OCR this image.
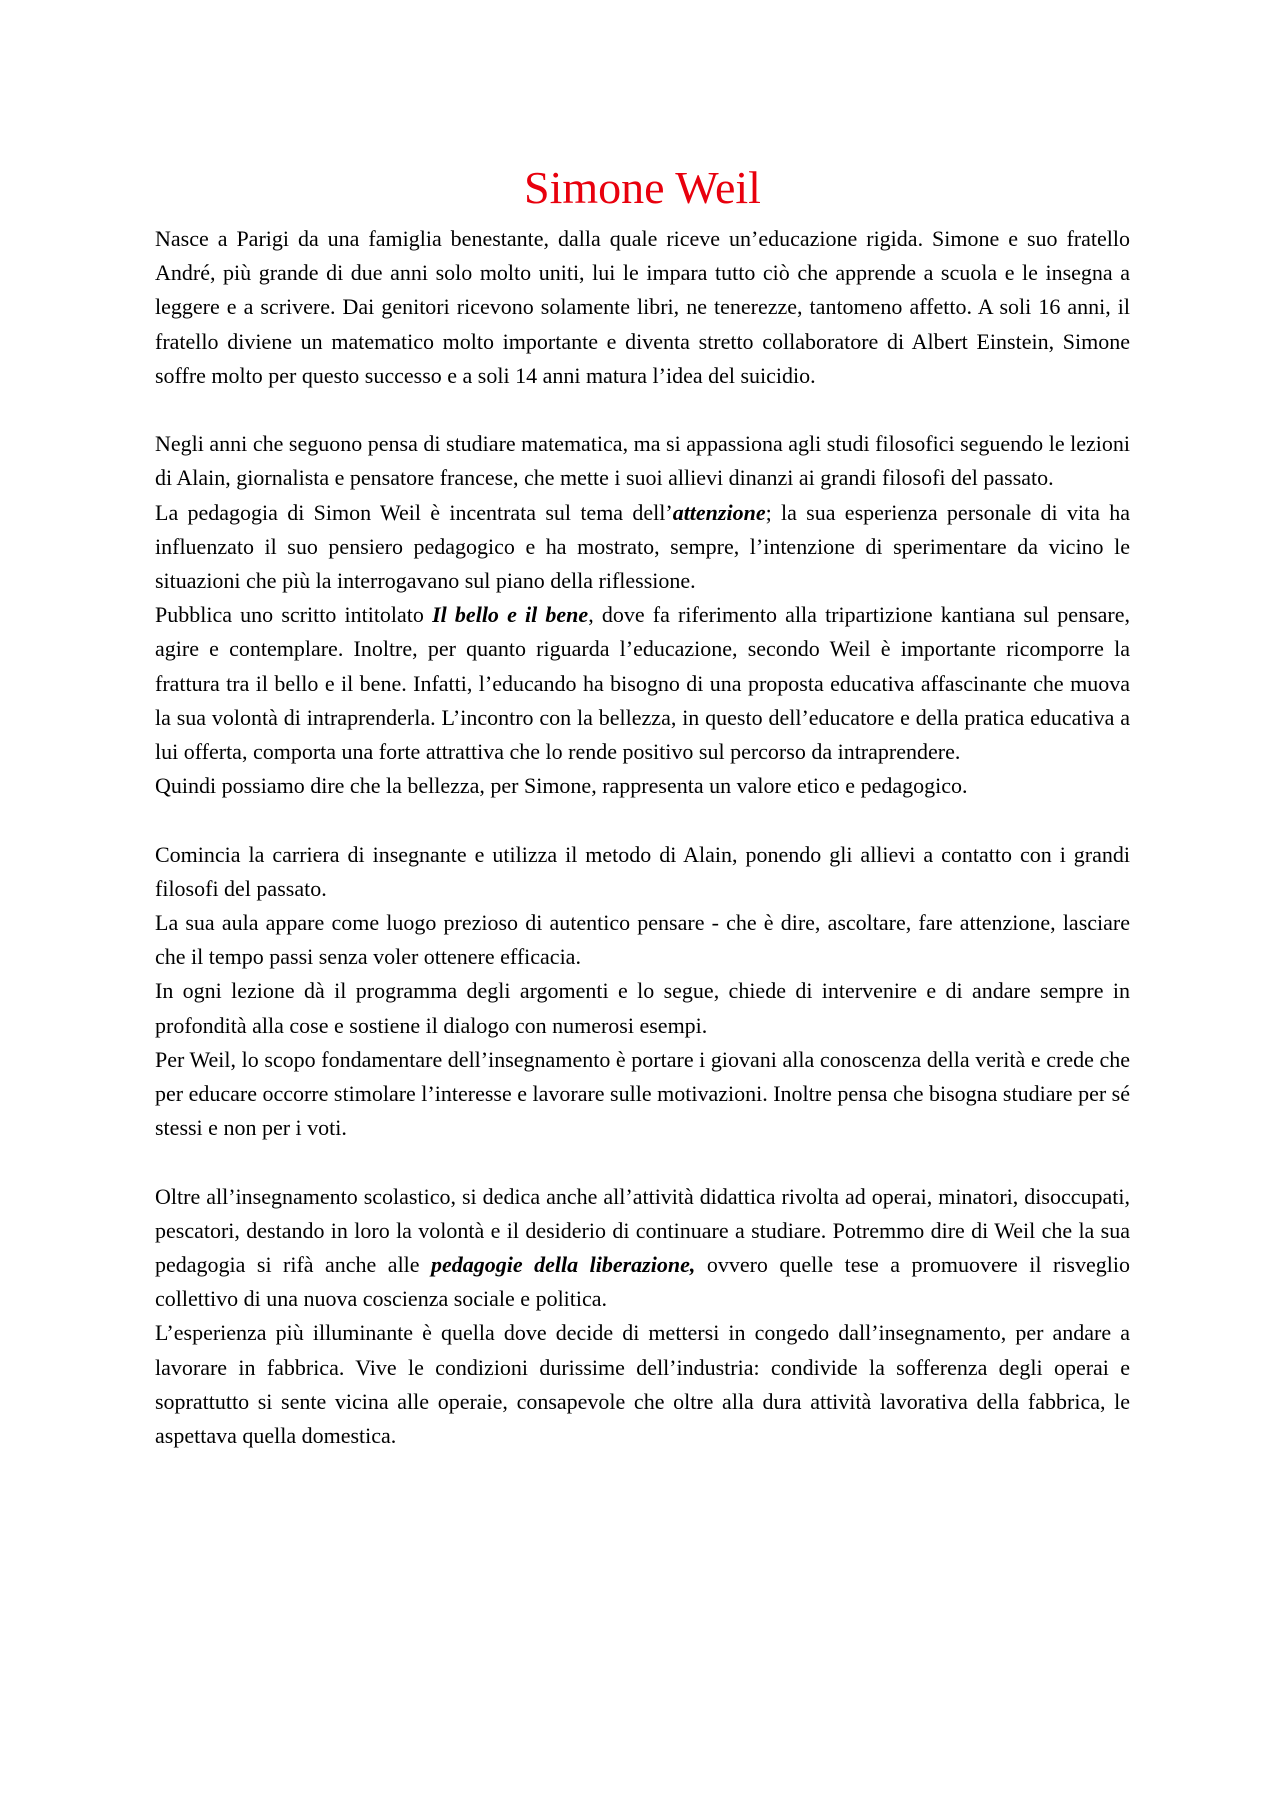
Simone Weil

Nasce a Parigi da una famiglia benestante, dalla quale riceve un’educazione rigida. Simone e suo fratello André, più grande di due anni solo molto uniti, lui le impara tutto ciò che apprende a scuola e le insegna a leggere e a scrivere. Dai genitori ricevono solamente libri, ne tenerezze, tantomeno affetto. A soli 16 anni, il fratello diviene un matematico molto importante e diventa stretto collaboratore di Albert Einstein, Simone soffre molto per questo successo e a soli 14 anni matura l’idea del suicidio.

Negli anni che seguono pensa di studiare matematica, ma si appassiona agli studi filosofici seguendo le lezioni di Alain, giornalista e pensatore francese, che mette i suoi allievi dinanzi ai grandi filosofi del passato.

La pedagogia di Simon Weil è incentrata sul tema dell’attenzione; la sua esperienza personale di vita ha influenzato il suo pensiero pedagogico e ha mostrato, sempre, l’intenzione di sperimentare da vicino le situazioni che più la interrogavano sul piano della riflessione.

Pubblica uno scritto intitolato Il bello e il bene, dove fa riferimento alla tripartizione kantiana sul pensare, agire e contemplare. Inoltre, per quanto riguarda l’educazione, secondo Weil è importante ricomporre la frattura tra il bello e il bene. Infatti, l’educando ha bisogno di una proposta educativa affascinante che muova la sua volontà di intraprenderla. L’incontro con la bellezza, in questo dell’educatore e della pratica educativa a lui offerta, comporta una forte attrattiva che lo rende positivo sul percorso da intraprendere.

Quindi possiamo dire che la bellezza, per Simone, rappresenta un valore etico e pedagogico.

Comincia la carriera di insegnante e utilizza il metodo di Alain, ponendo gli allievi a contatto con i grandi filosofi del passato.

La sua aula appare come luogo prezioso di autentico pensare - che è dire, ascoltare, fare attenzione, lasciare che il tempo passi senza voler ottenere efficacia.

In ogni lezione dà il programma degli argomenti e lo segue, chiede di intervenire e di andare sempre in profondità alla cose e sostiene il dialogo con numerosi esempi.

Per Weil, lo scopo fondamentare dell’insegnamento è portare i giovani alla conoscenza della verità e crede che per educare occorre stimolare l’interesse e lavorare sulle motivazioni. Inoltre pensa che bisogna studiare per sé stessi e non per i voti.

Oltre all’insegnamento scolastico, si dedica anche all’attività didattica rivolta ad operai, minatori, disoccupati, pescatori, destando in loro la volontà e il desiderio di continuare a studiare. Potremmo dire di Weil che la sua pedagogia si rifà anche alle pedagogie della liberazione, ovvero quelle tese a promuovere il risveglio collettivo di una nuova coscienza sociale e politica.

L’esperienza più illuminante è quella dove decide di mettersi in congedo dall’insegnamento, per andare a lavorare in fabbrica. Vive le condizioni durissime dell’industria: condivide la sofferenza degli operai e soprattutto si sente vicina alle operaie, consapevole che oltre alla dura attività lavorativa della fabbrica, le aspettava quella domestica.
